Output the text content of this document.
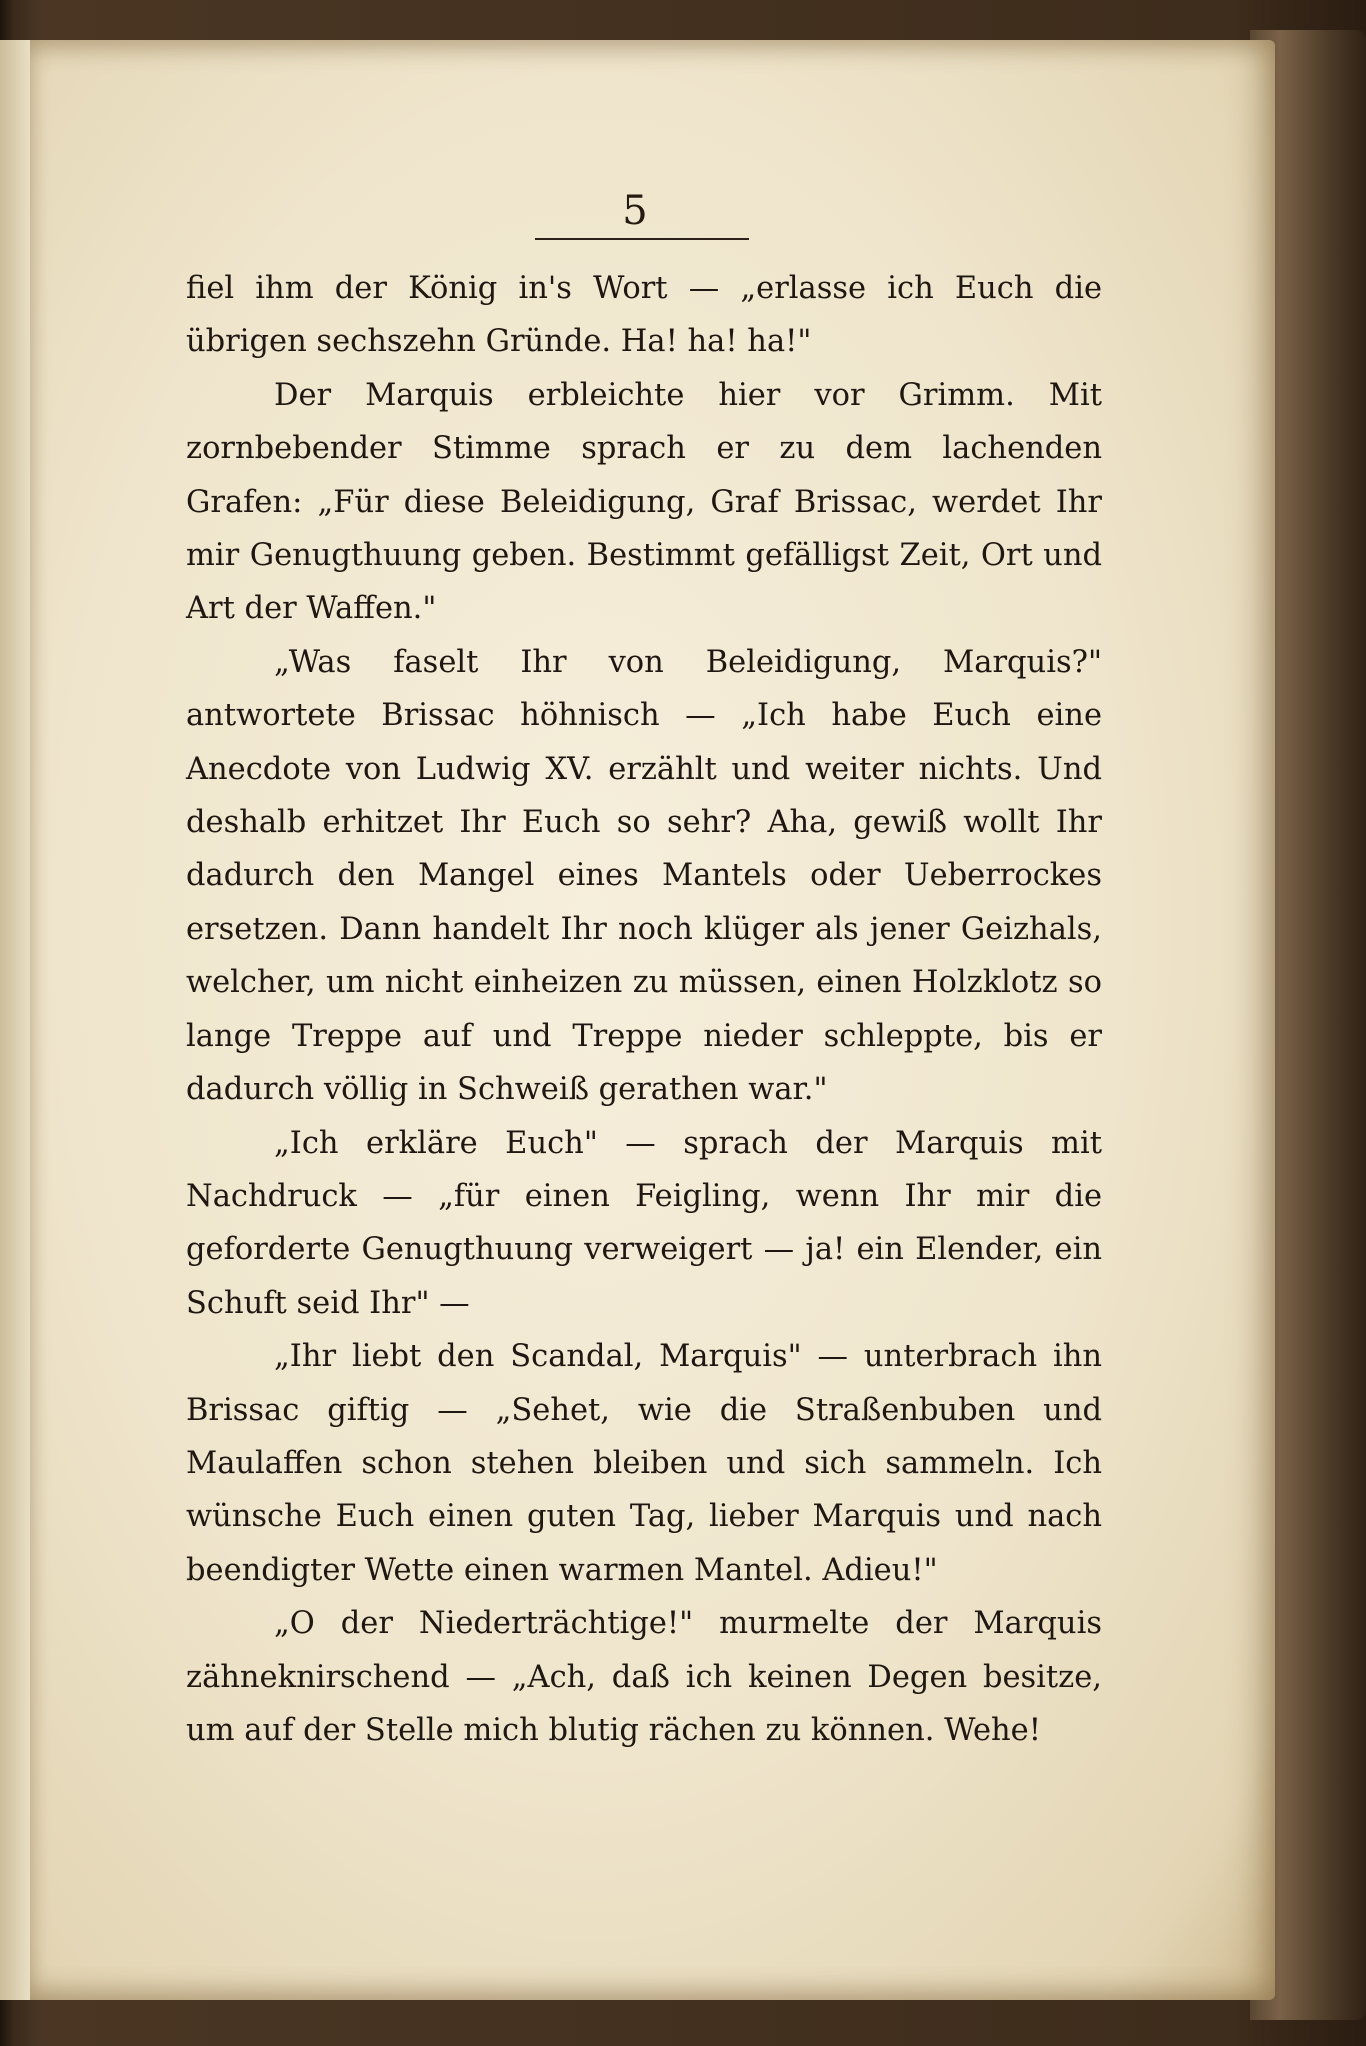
5

fiel ihm der König in's Wort — „erlasse ich Euch die übrigen sechszehn Gründe. Ha! ha! ha!"

Der Marquis erbleichte hier vor Grimm. Mit zornbebender Stimme sprach er zu dem lachenden Grafen: „Für diese Beleidigung, Graf Brissac, werdet Ihr mir Genugthuung geben. Bestimmt gefälligst Zeit, Ort und Art der Waffen."

„Was faselt Ihr von Beleidigung, Marquis?" antwortete Brissac höhnisch — „Ich habe Euch eine Anecdote von Ludwig XV. erzählt und weiter nichts. Und deshalb erhitzet Ihr Euch so sehr? Aha, gewiß wollt Ihr dadurch den Mangel eines Mantels oder Ueberrockes ersetzen. Dann handelt Ihr noch klüger als jener Geizhals, welcher, um nicht einheizen zu müssen, einen Holzklotz so lange Treppe auf und Treppe nieder schleppte, bis er dadurch völlig in Schweiß gerathen war."

„Ich erkläre Euch" — sprach der Marquis mit Nachdruck — „für einen Feigling, wenn Ihr mir die geforderte Genugthuung verweigert — ja! ein Elender, ein Schuft seid Ihr" —

„Ihr liebt den Scandal, Marquis" — unterbrach ihn Brissac giftig — „Sehet, wie die Straßenbuben und Maulaffen schon stehen bleiben und sich sammeln. Ich wünsche Euch einen guten Tag, lieber Marquis und nach beendigter Wette einen warmen Mantel. Adieu!"

„O der Niederträchtige!" murmelte der Marquis zähneknirschend — „Ach, daß ich keinen Degen besitze, um auf der Stelle mich blutig rächen zu können. Wehe!
